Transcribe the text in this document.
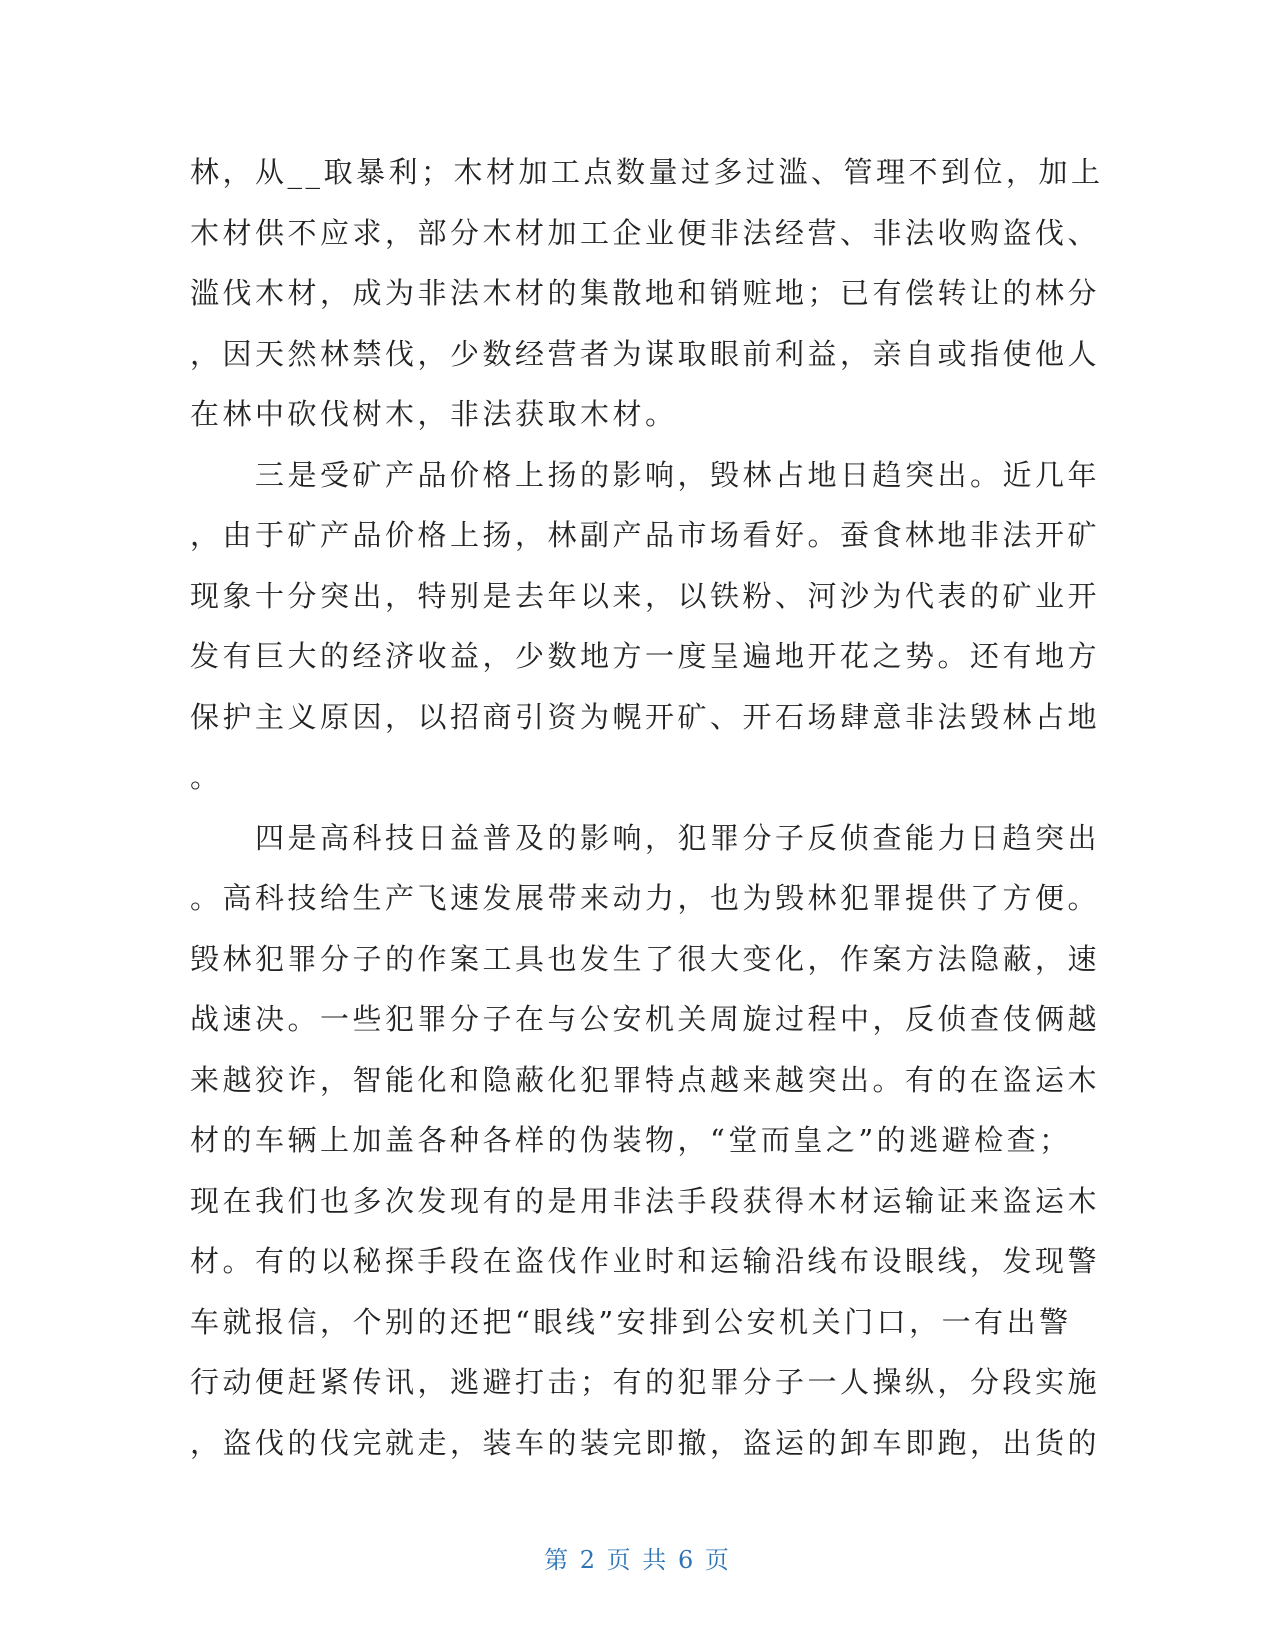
林，从__取暴利；木材加工点数量过多过滥、管理不到位，加上
木材供不应求，部分木材加工企业便非法经营、非法收购盗伐、
滥伐木材，成为非法木材的集散地和销赃地；已有偿转让的林分
，因天然林禁伐，少数经营者为谋取眼前利益，亲自或指使他人
在林中砍伐树木，非法获取木材。
　　三是受矿产品价格上扬的影响，毁林占地日趋突出。近几年
，由于矿产品价格上扬，林副产品市场看好。蚕食林地非法开矿
现象十分突出，特别是去年以来，以铁粉、河沙为代表的矿业开
发有巨大的经济收益，少数地方一度呈遍地开花之势。还有地方
保护主义原因，以招商引资为幌开矿、开石场肆意非法毁林占地
。
　　四是高科技日益普及的影响，犯罪分子反侦查能力日趋突出
。高科技给生产飞速发展带来动力，也为毁林犯罪提供了方便。
毁林犯罪分子的作案工具也发生了很大变化，作案方法隐蔽，速
战速决。一些犯罪分子在与公安机关周旋过程中，反侦查伎俩越
来越狡诈，智能化和隐蔽化犯罪特点越来越突出。有的在盗运木
材的车辆上加盖各种各样的伪装物，“堂而皇之”的逃避检查；
现在我们也多次发现有的是用非法手段获得木材运输证来盗运木
材。有的以秘探手段在盗伐作业时和运输沿线布设眼线，发现警
车就报信，个别的还把“眼线”安排到公安机关门口，一有出警
行动便赶紧传讯，逃避打击；有的犯罪分子一人操纵，分段实施
，盗伐的伐完就走，装车的装完即撤，盗运的卸车即跑，出货的
第 2 页 共 6 页
